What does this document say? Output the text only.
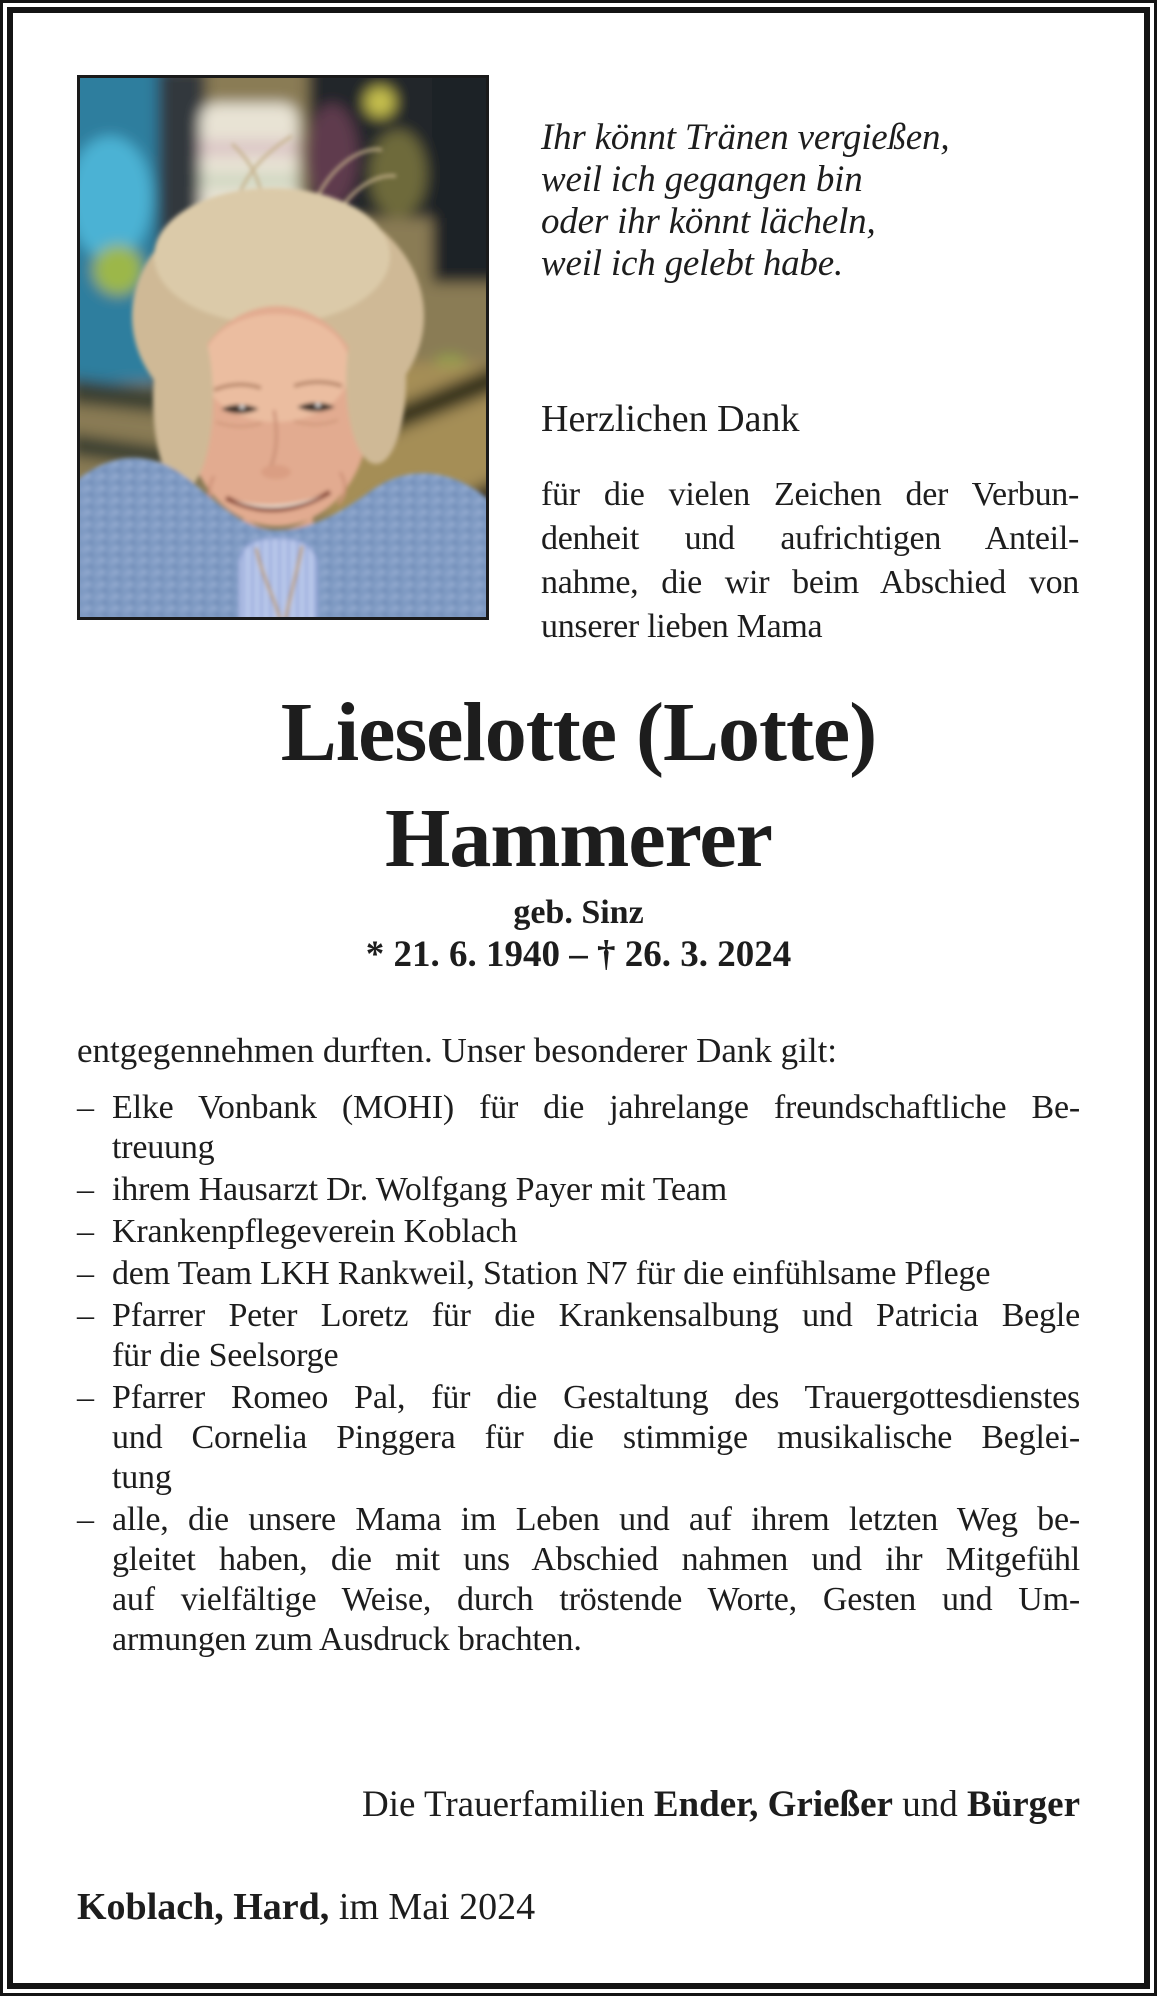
Ihr könnt Tränen vergießen,
weil ich gegangen bin
oder ihr könnt lächeln,
weil ich gelebt habe.
Herzlichen Dank
für die vielen Zeichen der Verbun-
denheit und aufrichtigen Anteil-
nahme, die wir beim Abschied von
unserer lieben Mama
Lieselotte (Lotte)
Hammerer
geb. Sinz
* 21. 6. 1940 – † 26. 3. 2024
entgegennehmen durften. Unser besonderer Dank gilt:
– Elke Vonbank (MOHI) für die jahrelange freundschaftliche Be-
treuung
– ihrem Hausarzt Dr. Wolfgang Payer mit Team
– Krankenpflegeverein Koblach
– dem Team LKH Rankweil, Station N7 für die einfühlsame Pflege
– Pfarrer Peter Loretz für die Krankensalbung und Patricia Begle
für die Seelsorge
– Pfarrer Romeo Pal, für die Gestaltung des Trauergottesdienstes
und Cornelia Pinggera für die stimmige musikalische Beglei-
tung
– alle, die unsere Mama im Leben und auf ihrem letzten Weg be-
gleitet haben, die mit uns Abschied nahmen und ihr Mitgefühl
auf vielfältige Weise, durch tröstende Worte, Gesten und Um-
armungen zum Ausdruck brachten.
Die Trauerfamilien Ender, Grießer und Bürger
Koblach, Hard, im Mai 2024
